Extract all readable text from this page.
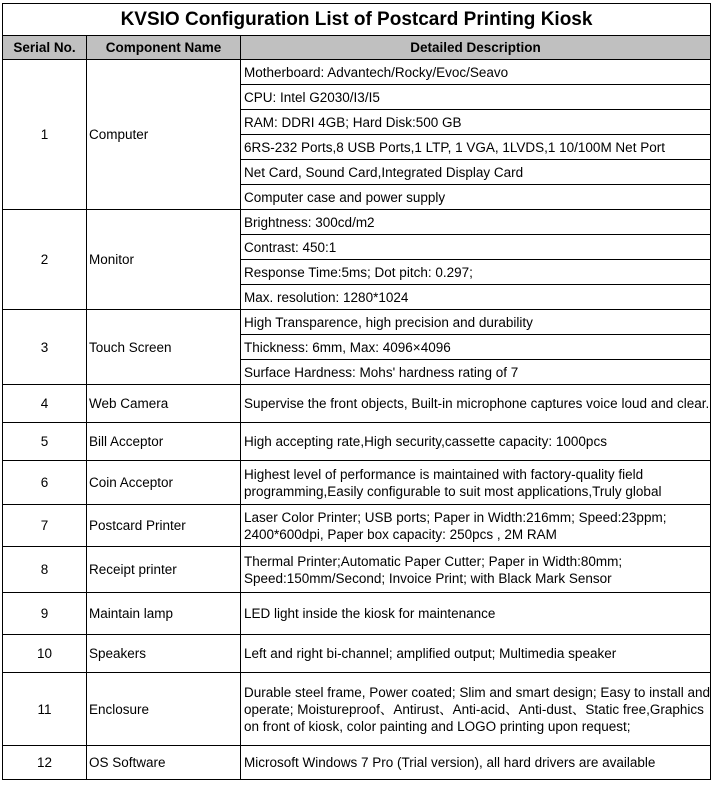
KVSIO Configuration List of Postcard Printing Kiosk		
Serial No.	Component Name	Detailed Description
1	Computer	Motherboard: Advantech/Rocky/Evoc/Seavo
		CPU: Intel G2030/I3/I5
		RAM: DDRI 4GB; Hard Disk:500 GB
		6RS-232 Ports,8 USB Ports,1 LTP, 1 VGA, 1LVDS,1 10/100M Net Port
		Net Card, Sound Card,Integrated Display Card
		Computer case and power supply
2	Monitor	Brightness: 300cd/m2
		Contrast: 450:1
		Response Time:5ms; Dot pitch: 0.297;
		Max. resolution: 1280*1024
3	Touch Screen	High Transparence, high precision and durability
		Thickness: 6mm, Max: 4096×4096
		Surface Hardness: Mohs' hardness rating of 7
4	Web Camera	Supervise the front objects, Built-in microphone captures voice loud and clear.
5	Bill Acceptor	High accepting rate,High security,cassette capacity: 1000pcs
6	Coin Acceptor	Highest level of performance is maintained with factory-quality field programming,Easily configurable to suit most applications,Truly global
7	Postcard Printer	Laser Color Printer; USB ports; Paper in Width:216mm; Speed:23ppm; 2400*600dpi, Paper box capacity: 250pcs , 2M RAM
8	Receipt printer	Thermal Printer;Automatic Paper Cutter; Paper in Width:80mm; Speed:150mm/Second; Invoice Print; with Black Mark Sensor
9	Maintain lamp	LED light inside the kiosk for maintenance
10	Speakers	Left and right bi-channel; amplified output; Multimedia speaker
11	Enclosure	Durable steel frame, Power coated; Slim and smart design; Easy to install and operate; Moistureproof、Antirust、Anti-acid、Anti-dust、Static free,Graphics on front of kiosk, color painting and LOGO printing upon request;
12	OS Software	Microsoft Windows 7 Pro (Trial version), all hard drivers are available
